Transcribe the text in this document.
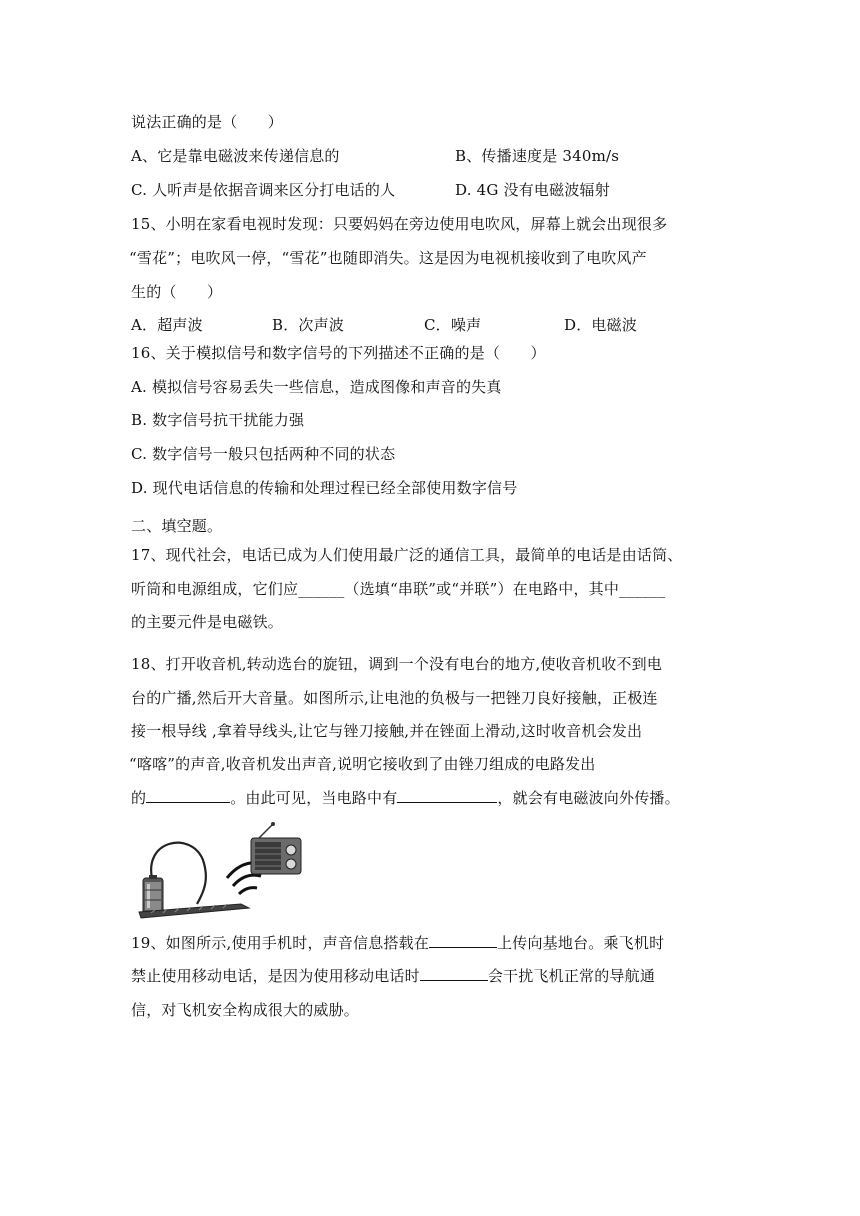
说法正确的是（　　）
A、它是靠电磁波来传递信息的	B、传播速度是 340m/s
C. 人听声是依据音调来区分打电话的人	D. 4G 没有电磁波辐射
15、小明在家看电视时发现：只要妈妈在旁边使用电吹风，屏幕上就会出现很多
“雪花”；电吹风一停，“雪花”也随即消失。这是因为电视机接收到了电吹风产
生的（　　）
A．超声波	B．次声波	C．噪声	D．电磁波
16、关于模拟信号和数字信号的下列描述不正确的是（　　）
A. 模拟信号容易丢失一些信息，造成图像和声音的失真
B. 数字信号抗干扰能力强
C. 数字信号一般只包括两种不同的状态
D. 现代电话信息的传输和处理过程已经全部使用数字信号
二、填空题。
17、现代社会，电话已成为人们使用最广泛的通信工具，最简单的电话是由话筒、
听筒和电源组成，它们应______（选填“串联”或“并联”）在电路中，其中______
的主要元件是电磁铁。
18、打开收音机,转动选台的旋钮，调到一个没有电台的地方,使收音机收不到电
台的广播,然后开大音量。如图所示,让电池的负极与一把锉刀良好接触，正极连
接一根导线 ,拿着导线头,让它与锉刀接触,并在锉面上滑动,这时收音机会发出
“喀喀”的声音,收音机发出声音,说明它接收到了由锉刀组成的电路发出
的	。由此可见，当电路中有	，就会有电磁波向外传播。
19、如图所示,使用手机时，声音信息搭载在	上传向基地台。乘飞机时
禁止使用移动电话，是因为使用移动电话时	会干扰飞机正常的导航通
信，对飞机安全构成很大的威胁。
